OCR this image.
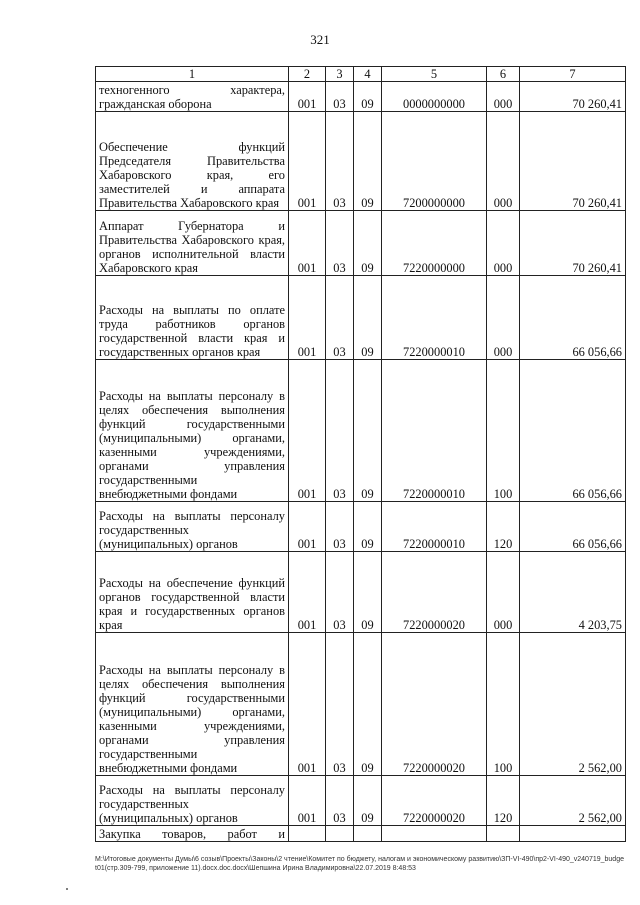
321
1	2	3	4	5	6	7
техногенного характера, гражданская оборона	001	03	09	0000000000	000	70 260,41
Обеспечение функций Председателя Правительства Хабаровского края, его заместителей и аппарата Правительства Хабаровского края	001	03	09	7200000000	000	70 260,41
Аппарат Губернатора и Правительства Хабаровского края, органов исполнительной власти Хабаровского края	001	03	09	7220000000	000	70 260,41
Расходы на выплаты по оплате труда работников органов государственной власти края и государственных органов края	001	03	09	7220000010	000	66 056,66
Расходы на выплаты персоналу в целях обеспечения выполнения функций государственными (муниципальными) органами, казенными учреждениями, органами управления государственными внебюджетными фондами	001	03	09	7220000010	100	66 056,66
Расходы на выплаты персоналу государственных (муниципальных) органов	001	03	09	7220000010	120	66 056,66
Расходы на обеспечение функций органов государственной власти края и государственных органов края	001	03	09	7220000020	000	4 203,75
Расходы на выплаты персоналу в целях обеспечения выполнения функций государственными (муниципальными) органами, казенными учреждениями, органами управления государственными внебюджетными фондами	001	03	09	7220000020	100	2 562,00
Расходы на выплаты персоналу государственных (муниципальных) органов	001	03	09	7220000020	120	2 562,00
Закупка товаров, работ и						
M:\Итоговые документы Думы\6 созыв\Проекты\Законы\2 чтение\Комитет по бюджету, налогам и экономическому развитию\ЗП-VI-490\пр2-VI-490_v240719_budget01(стр.309-799, приложение 11).docx.doc.docx\Шепшина Ирина Владимировна\22.07.2019 8:48:53
